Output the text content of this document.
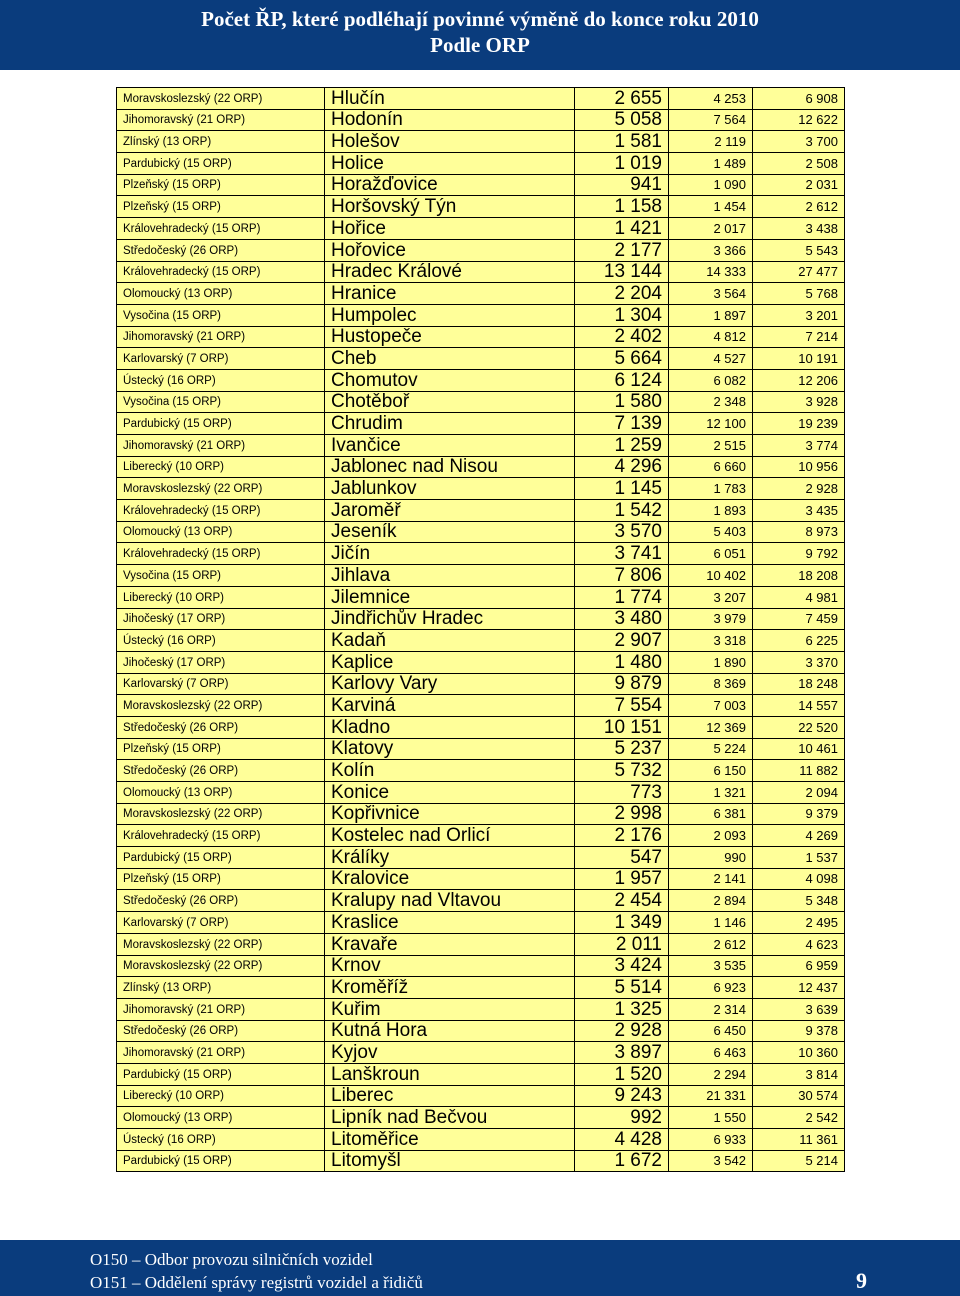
Počet ŘP, které podléhají povinné výměně do konce roku 2010
Podle ORP
Moravskoslezský (22 ORP)	Hlučín	2 655	4 253	6 908
Jihomoravský (21 ORP)	Hodonín	5 058	7 564	12 622
Zlínský (13 ORP)	Holešov	1 581	2 119	3 700
Pardubický (15 ORP)	Holice	1 019	1 489	2 508
Plzeňský (15 ORP)	Horažďovice	941	1 090	2 031
Plzeňský (15 ORP)	Horšovský Týn	1 158	1 454	2 612
Královehradecký (15 ORP)	Hořice	1 421	2 017	3 438
Středočeský (26 ORP)	Hořovice	2 177	3 366	5 543
Královehradecký (15 ORP)	Hradec Králové	13 144	14 333	27 477
Olomoucký (13 ORP)	Hranice	2 204	3 564	5 768
Vysočina (15 ORP)	Humpolec	1 304	1 897	3 201
Jihomoravský (21 ORP)	Hustopeče	2 402	4 812	7 214
Karlovarský (7 ORP)	Cheb	5 664	4 527	10 191
Ústecký (16 ORP)	Chomutov	6 124	6 082	12 206
Vysočina (15 ORP)	Chotěboř	1 580	2 348	3 928
Pardubický (15 ORP)	Chrudim	7 139	12 100	19 239
Jihomoravský (21 ORP)	Ivančice	1 259	2 515	3 774
Liberecký (10 ORP)	Jablonec nad Nisou	4 296	6 660	10 956
Moravskoslezský (22 ORP)	Jablunkov	1 145	1 783	2 928
Královehradecký (15 ORP)	Jaroměř	1 542	1 893	3 435
Olomoucký (13 ORP)	Jeseník	3 570	5 403	8 973
Královehradecký (15 ORP)	Jičín	3 741	6 051	9 792
Vysočina (15 ORP)	Jihlava	7 806	10 402	18 208
Liberecký (10 ORP)	Jilemnice	1 774	3 207	4 981
Jihočeský (17 ORP)	Jindřichův Hradec	3 480	3 979	7 459
Ústecký (16 ORP)	Kadaň	2 907	3 318	6 225
Jihočeský (17 ORP)	Kaplice	1 480	1 890	3 370
Karlovarský (7 ORP)	Karlovy Vary	9 879	8 369	18 248
Moravskoslezský (22 ORP)	Karviná	7 554	7 003	14 557
Středočeský (26 ORP)	Kladno	10 151	12 369	22 520
Plzeňský (15 ORP)	Klatovy	5 237	5 224	10 461
Středočeský (26 ORP)	Kolín	5 732	6 150	11 882
Olomoucký (13 ORP)	Konice	773	1 321	2 094
Moravskoslezský (22 ORP)	Kopřivnice	2 998	6 381	9 379
Královehradecký (15 ORP)	Kostelec nad Orlicí	2 176	2 093	4 269
Pardubický (15 ORP)	Králíky	547	990	1 537
Plzeňský (15 ORP)	Kralovice	1 957	2 141	4 098
Středočeský (26 ORP)	Kralupy nad Vltavou	2 454	2 894	5 348
Karlovarský (7 ORP)	Kraslice	1 349	1 146	2 495
Moravskoslezský (22 ORP)	Kravaře	2 011	2 612	4 623
Moravskoslezský (22 ORP)	Krnov	3 424	3 535	6 959
Zlínský (13 ORP)	Kroměříž	5 514	6 923	12 437
Jihomoravský (21 ORP)	Kuřim	1 325	2 314	3 639
Středočeský (26 ORP)	Kutná Hora	2 928	6 450	9 378
Jihomoravský (21 ORP)	Kyjov	3 897	6 463	10 360
Pardubický (15 ORP)	Lanškroun	1 520	2 294	3 814
Liberecký (10 ORP)	Liberec	9 243	21 331	30 574
Olomoucký (13 ORP)	Lipník nad Bečvou	992	1 550	2 542
Ústecký (16 ORP)	Litoměřice	4 428	6 933	11 361
Pardubický (15 ORP)	Litomyšl	1 672	3 542	5 214
O150 – Odbor provozu silničních vozidel
O151 – Oddělení správy registrů vozidel a řidičů	9
